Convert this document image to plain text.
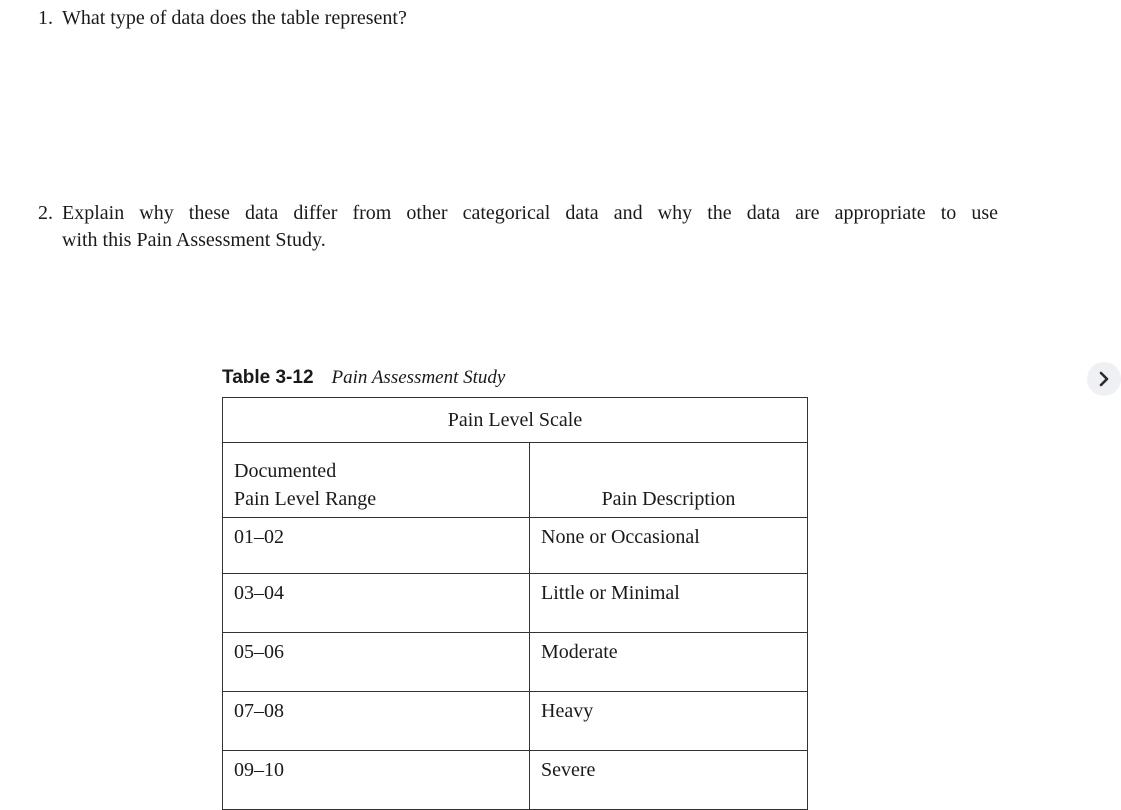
1. What type of data does the table represent?
2. Explain why these data differ from other categorical data and why the data are appropriate to use
with this Pain Assessment Study.
Table 3-12 Pain Assessment Study
Pain Level Scale	
Documented
Pain Level Range	Pain Description
01–02	None or Occasional
03–04	Little or Minimal
05–06	Moderate
07–08	Heavy
09–10	Severe
